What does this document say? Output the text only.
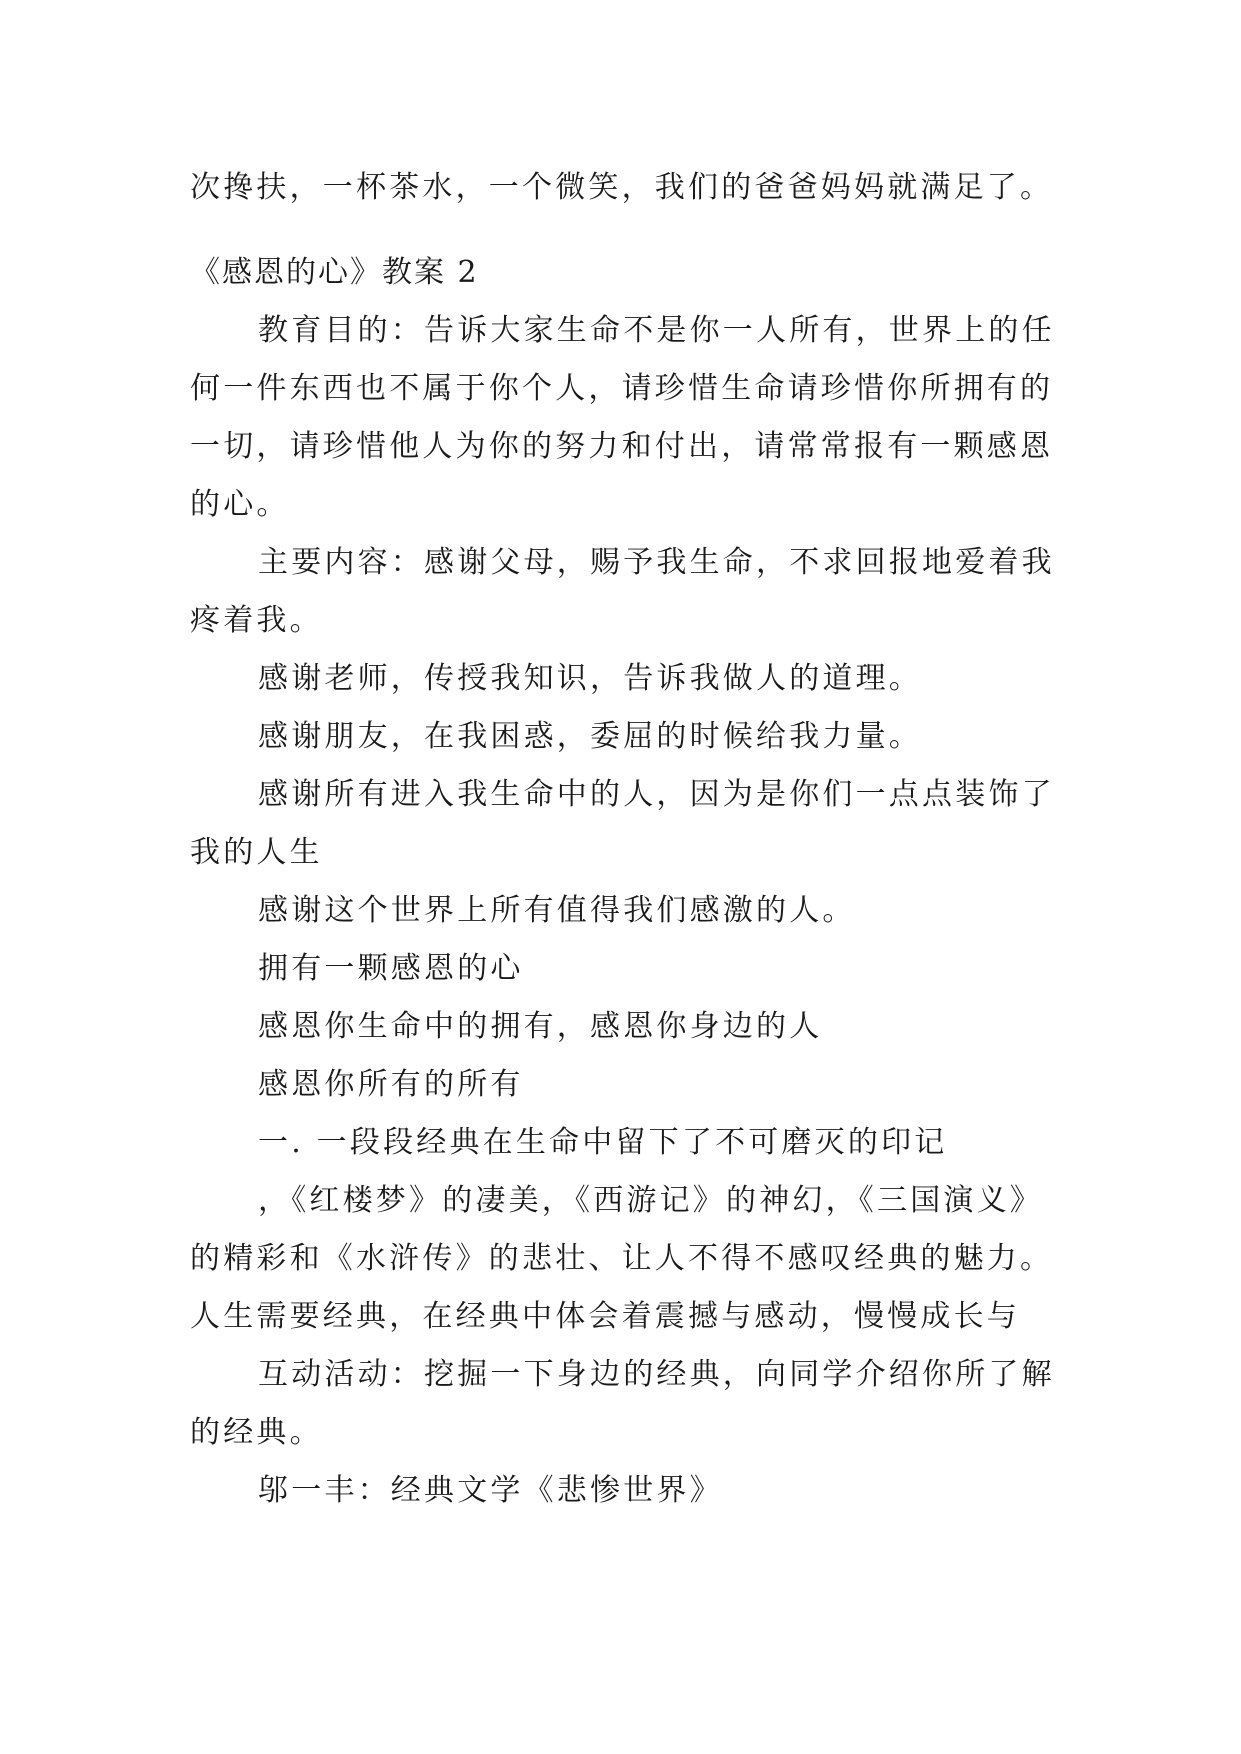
次搀扶，一杯茶水，一个微笑，我们的爸爸妈妈就满足了。
《感恩的心》教案 2
教育目的：告诉大家生命不是你一人所有，世界上的任
何一件东西也不属于你个人，请珍惜生命请珍惜你所拥有的
一切，请珍惜他人为你的努力和付出，请常常报有一颗感恩
的心。
主要内容：感谢父母，赐予我生命，不求回报地爱着我
疼着我。
感谢老师，传授我知识，告诉我做人的道理。
感谢朋友，在我困惑，委屈的时候给我力量。
感谢所有进入我生命中的人，因为是你们一点点装饰了
我的人生
感谢这个世界上所有值得我们感激的人。
拥有一颗感恩的心
感恩你生命中的拥有，感恩你身边的人
感恩你所有的所有
一. 一段段经典在生命中留下了不可磨灭的印记
，《红楼梦》的凄美，《西游记》的神幻，《三国演义》
的精彩和《水浒传》的悲壮、让人不得不感叹经典的魅力。
人生需要经典，在经典中体会着震撼与感动，慢慢成长与
互动活动：挖掘一下身边的经典，向同学介绍你所了解
的经典。
邬一丰：经典文学《悲惨世界》
